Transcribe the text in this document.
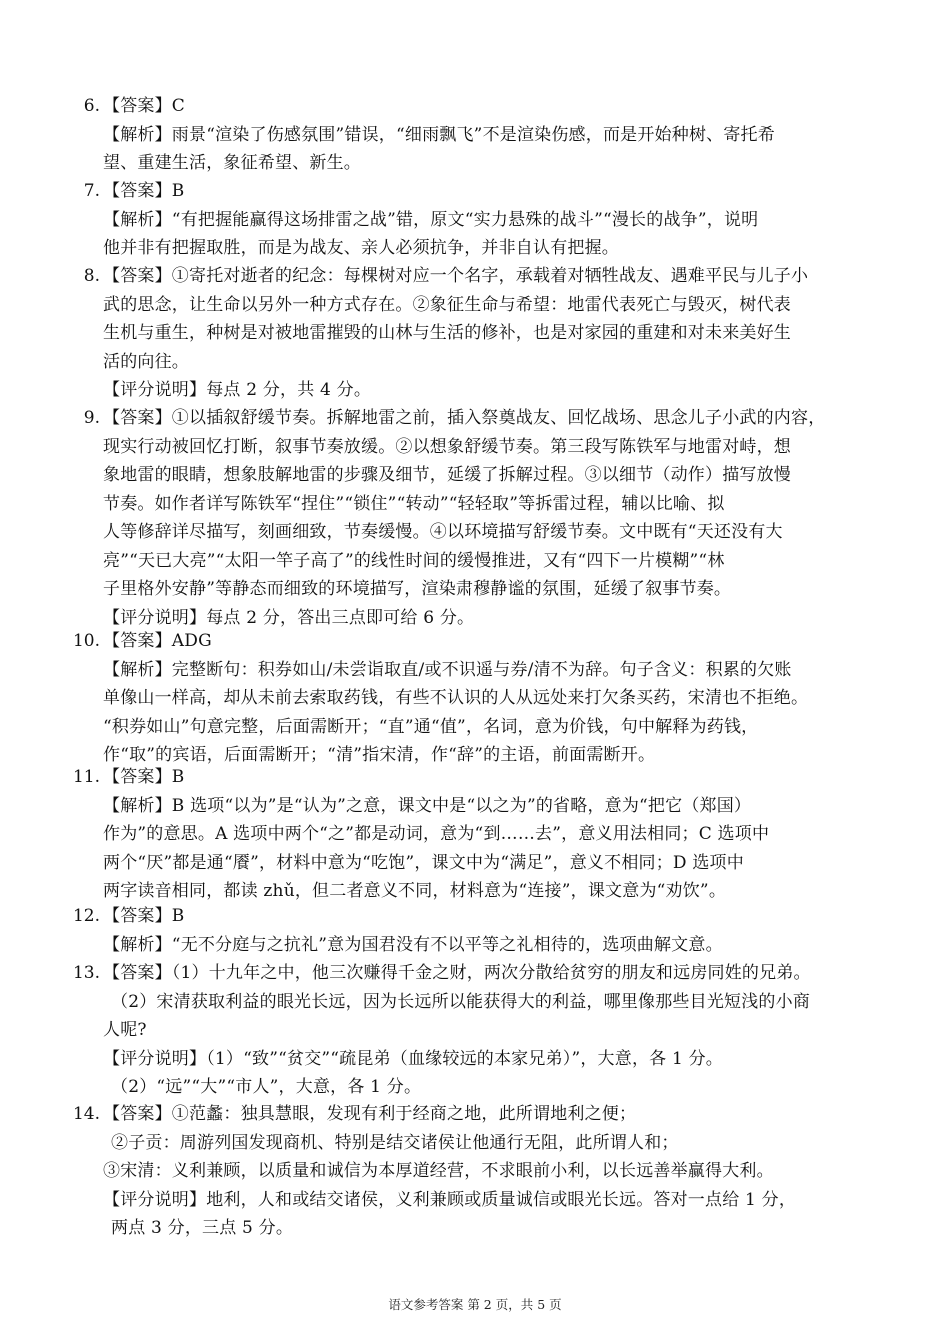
6. 【答案】C
【解析】雨景“渲染了伤感氛围”错误，“细雨飘飞”不是渲染伤感，而是开始种树、寄托希
望、重建生活，象征希望、新生。
7. 【答案】B
【解析】“有把握能赢得这场排雷之战”错，原文“实力悬殊的战斗”“漫长的战争”，说明
他并非有把握取胜，而是为战友、亲人必须抗争，并非自认有把握。
8. 【答案】①寄托对逝者的纪念：每棵树对应一个名字，承载着对牺牲战友、遇难平民与儿子小
武的思念，让生命以另外一种方式存在。②象征生命与希望：地雷代表死亡与毁灭，树代表
生机与重生，种树是对被地雷摧毁的山林与生活的修补，也是对家园的重建和对未来美好生
活的向往。
【评分说明】每点 2 分，共 4 分。
9. 【答案】①以插叙舒缓节奏。拆解地雷之前，插入祭奠战友、回忆战场、思念儿子小武的内容，
现实行动被回忆打断，叙事节奏放缓。②以想象舒缓节奏。第三段写陈铁军与地雷对峙，想
象地雷的眼睛，想象肢解地雷的步骤及细节，延缓了拆解过程。③以细节（动作）描写放慢
节奏。如作者详写陈铁军“捏住”“锁住”“转动”“轻轻取”等拆雷过程，辅以比喻、拟
人等修辞详尽描写，刻画细致，节奏缓慢。④以环境描写舒缓节奏。文中既有“天还没有大
亮”“天已大亮”“太阳一竿子高了”的线性时间的缓慢推进，又有“四下一片模糊”“林
子里格外安静”等静态而细致的环境描写，渲染肃穆静谧的氛围，延缓了叙事节奏。
【评分说明】每点 2 分，答出三点即可给 6 分。
10. 【答案】ADG
【解析】完整断句：积券如山/未尝诣取直/或不识遥与券/清不为辞。句子含义：积累的欠账
单像山一样高，却从未前去索取药钱，有些不认识的人从远处来打欠条买药，宋清也不拒绝。
“积券如山”句意完整，后面需断开；“直”通“值”，名词，意为价钱，句中解释为药钱，
作“取”的宾语，后面需断开；“清”指宋清，作“辞”的主语，前面需断开。
11. 【答案】B
【解析】B 选项“以为”是“认为”之意，课文中是“以之为”的省略，意为“把它（郑国）
作为”的意思。A 选项中两个“之”都是动词，意为“到……去”，意义用法相同；C 选项中
两个“厌”都是通“餍”，材料中意为“吃饱”，课文中为“满足”，意义不相同；D 选项中
两字读音相同，都读 zhǔ，但二者意义不同，材料意为“连接”，课文意为“劝饮”。
12. 【答案】B
【解析】“无不分庭与之抗礼”意为国君没有不以平等之礼相待的，选项曲解文意。
13. 【答案】（1）十九年之中，他三次赚得千金之财，两次分散给贫穷的朋友和远房同姓的兄弟。
（2）宋清获取利益的眼光长远，因为长远所以能获得大的利益，哪里像那些目光短浅的小商
人呢?
【评分说明】（1）“致”“贫交”“疏昆弟（血缘较远的本家兄弟）”，大意，各 1 分。
（2）“远”“大”“市人”，大意，各 1 分。
14. 【答案】①范蠡：独具慧眼，发现有利于经商之地，此所谓地利之便；
②子贡：周游列国发现商机、特别是结交诸侯让他通行无阻，此所谓人和；
③宋清：义利兼顾，以质量和诚信为本厚道经营，不求眼前小利，以长远善举赢得大利。
【评分说明】地利，人和或结交诸侯，义利兼顾或质量诚信或眼光长远。答对一点给 1 分，
两点 3 分，三点 5 分。
语文参考答案 第 2 页，共 5 页
